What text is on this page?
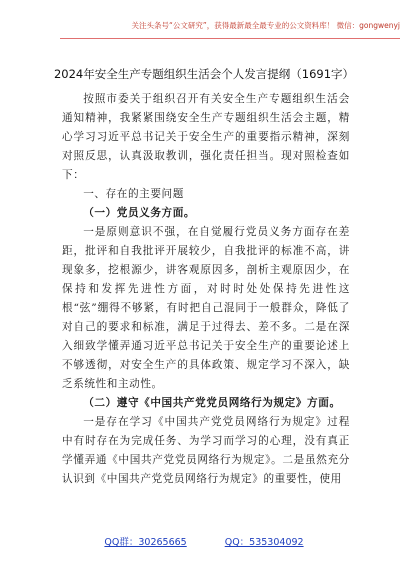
关注头条号“公文研究”，获得最新最全最专业的公文资料库！ 微信：gongwenyj
2024年安全生产专题组织生活会个人发言提纲（1691字）

按照市委关于组织召开有关安全生产专题组织生活会通知精神，我紧紧围绕安全生产专题组织生活会主题，精心学习习近平总书记关于安全生产的重要指示精神，深刻对照反思，认真汲取教训，强化责任担当。现对照检查如下：

一、存在的主要问题

（一）党员义务方面。

一是原则意识不强，在自觉履行党员义务方面存在差距，批评和自我批评开展较少，自我批评的标准不高，讲现象多，挖根源少，讲客观原因多，剖析主观原因少，在保持和发挥先进性方面，对时时处处保持先进性这根“弦”绷得不够紧，有时把自己混同于一般群众，降低了对自己的要求和标准，满足于过得去、差不多。二是在深入细致学懂弄通习近平总书记关于安全生产的重要论述上不够透彻，对安全生产的具体政策、规定学习不深入，缺乏系统性和主动性。

（二）遵守《中国共产党党员网络行为规定》方面。

一是存在学习《中国共产党党员网络行为规定》过程中有时存在为完成任务、为学习而学习的心理，没有真正学懂弄通《中国共产党党员网络行为规定》。二是虽然充分认识到《中国共产党党员网络行为规定》的重要性，使用

QQ群：30265665	QQ：535304092
